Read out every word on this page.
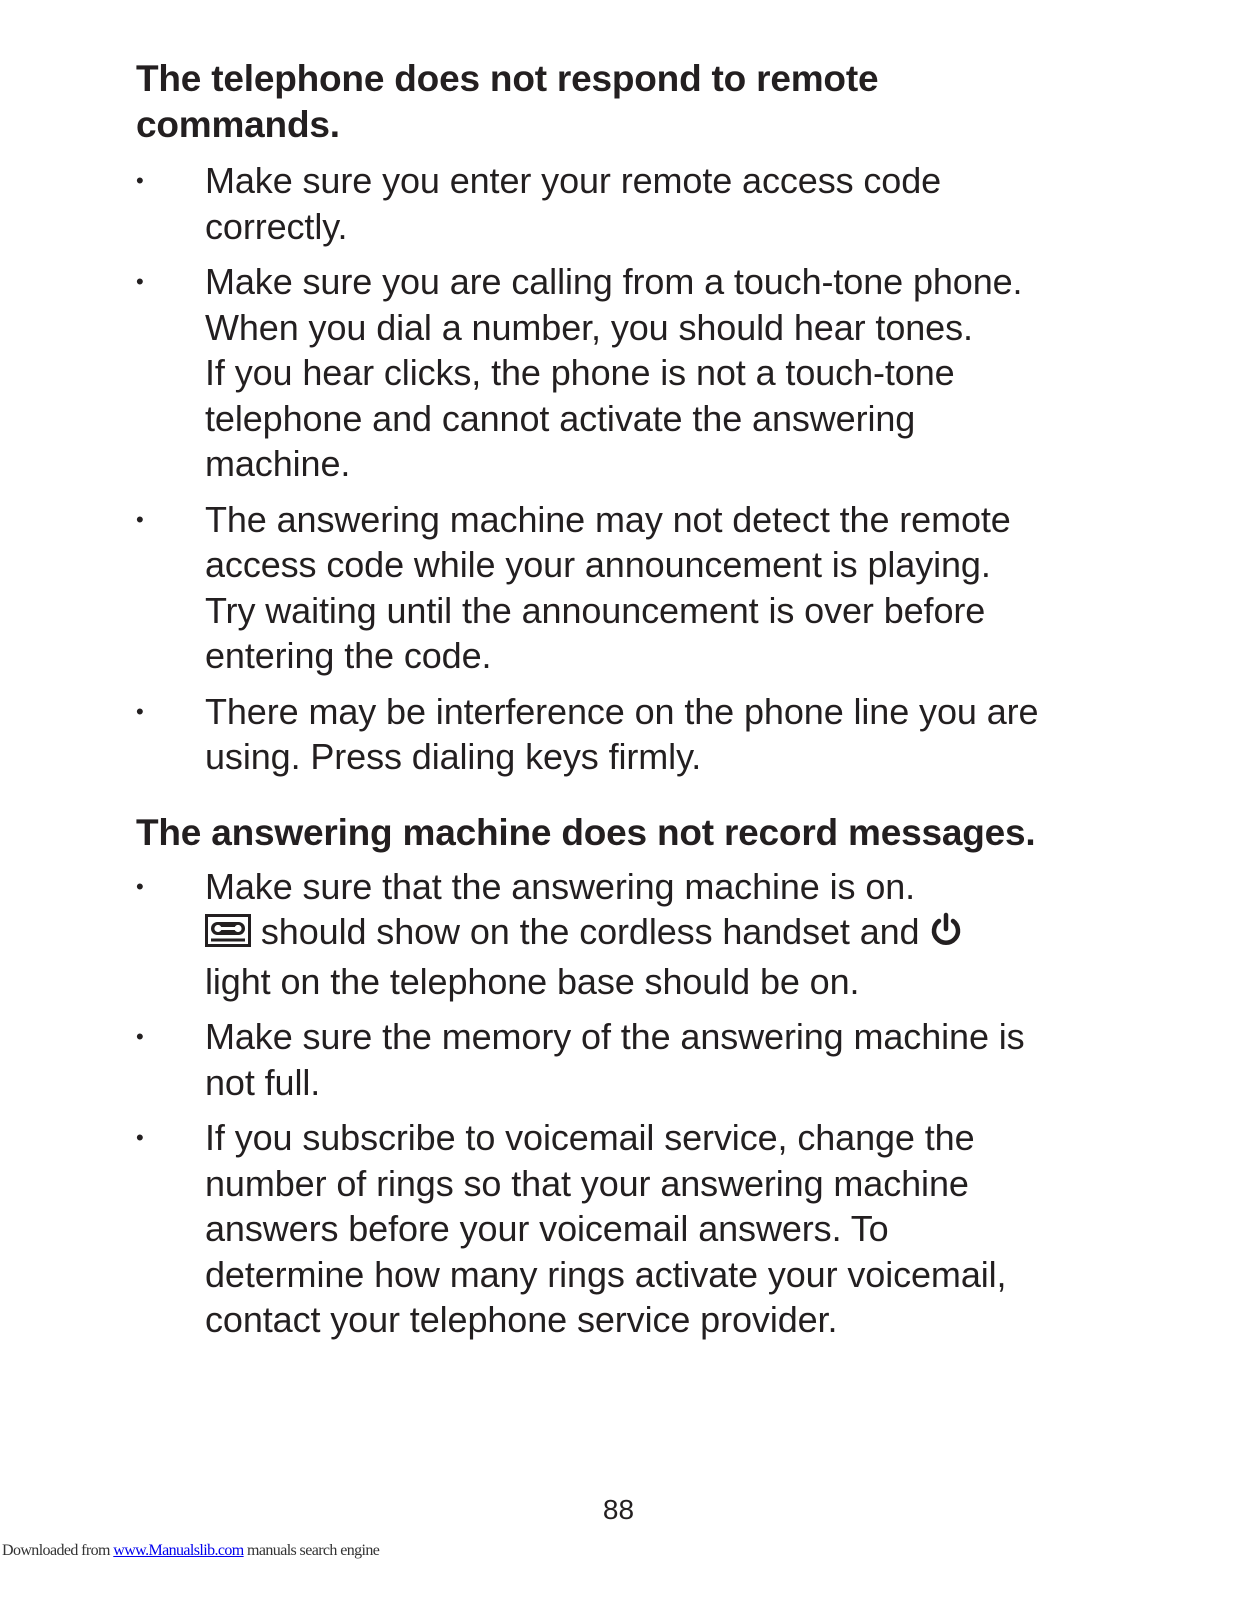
The telephone does not respond to remote
commands.
•	Make sure you enter your remote access code
correctly.
•	Make sure you are calling from a touch-tone phone.
When you dial a number, you should hear tones.
If you hear clicks, the phone is not a touch-tone
telephone and cannot activate the answering
machine.
•	The answering machine may not detect the remote
access code while your announcement is playing.
Try waiting until the announcement is over before
entering the code.
•	There may be interference on the phone line you are
using. Press dialing keys firmly.
The answering machine does not record messages.
•	Make sure that the answering machine is on.
should show on the cordless handset and
light on the telephone base should be on.
•	Make sure the memory of the answering machine is
not full.
•	If you subscribe to voicemail service, change the
number of rings so that your answering machine
answers before your voicemail answers. To
determine how many rings activate your voicemail,
contact your telephone service provider.
88
Downloaded from www.Manualslib.com manuals search engine
